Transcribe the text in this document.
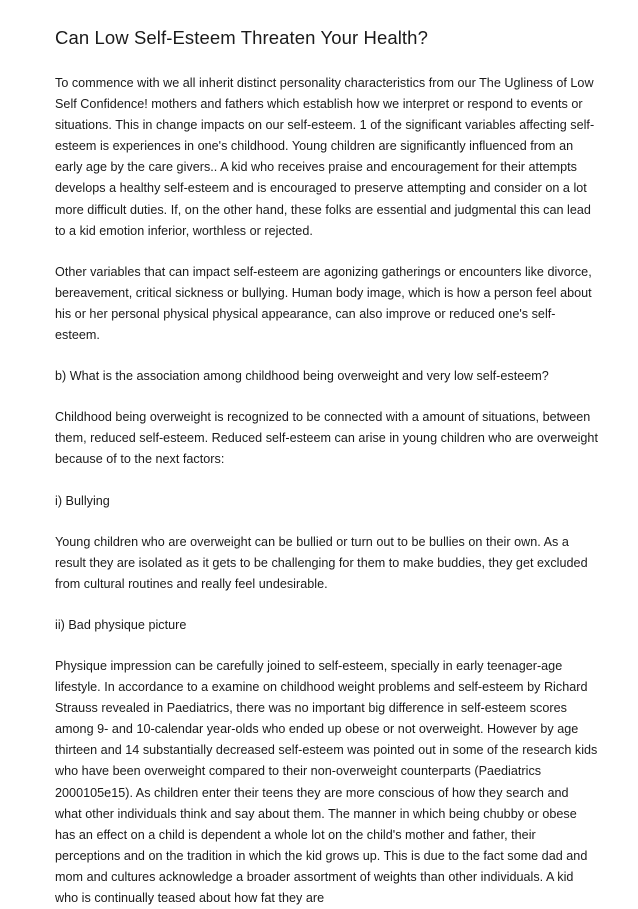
Can Low Self-Esteem Threaten Your Health?

To commence with we all inherit distinct personality characteristics from our The Ugliness of Low Self Confidence! mothers and fathers which establish how we interpret or respond to events or situations. This in change impacts on our self-esteem. 1 of the significant variables affecting self-esteem is experiences in one's childhood. Young children are significantly influenced from an early age by the care givers.. A kid who receives praise and encouragement for their attempts develops a healthy self-esteem and is encouraged to preserve attempting and consider on a lot more difficult duties. If, on the other hand, these folks are essential and judgmental this can lead to a kid emotion inferior, worthless or rejected.

Other variables that can impact self-esteem are agonizing gatherings or encounters like divorce, bereavement, critical sickness or bullying. Human body image, which is how a person feel about his or her personal physical physical appearance, can also improve or reduced one's self-esteem.

b) What is the association among childhood being overweight and very low self-esteem?

Childhood being overweight is recognized to be connected with a amount of situations, between them, reduced self-esteem. Reduced self-esteem can arise in young children who are overweight because of to the next factors:

i) Bullying

Young children who are overweight can be bullied or turn out to be bullies on their own. As a result they are isolated as it gets to be challenging for them to make buddies, they get excluded from cultural routines and really feel undesirable.

ii) Bad physique picture

Physique impression can be carefully joined to self-esteem, specially in early teenager-age lifestyle. In accordance to a examine on childhood weight problems and self-esteem by Richard Strauss revealed in Paediatrics, there was no important big difference in self-esteem scores among 9- and 10-calendar year-olds who ended up obese or not overweight. However by age thirteen and 14 substantially decreased self-esteem was pointed out in some of the research kids who have been overweight compared to their non-overweight counterparts (Paediatrics 2000105e15). As children enter their teens they are more conscious of how they search and what other individuals think and say about them. The manner in which being chubby or obese has an effect on a child is dependent a whole lot on the child's mother and father, their perceptions and on the tradition in which the kid grows up. This is due to the fact some dad and mom and cultures acknowledge a broader assortment of weights than other individuals. A kid who is continually teased about how fat they are
